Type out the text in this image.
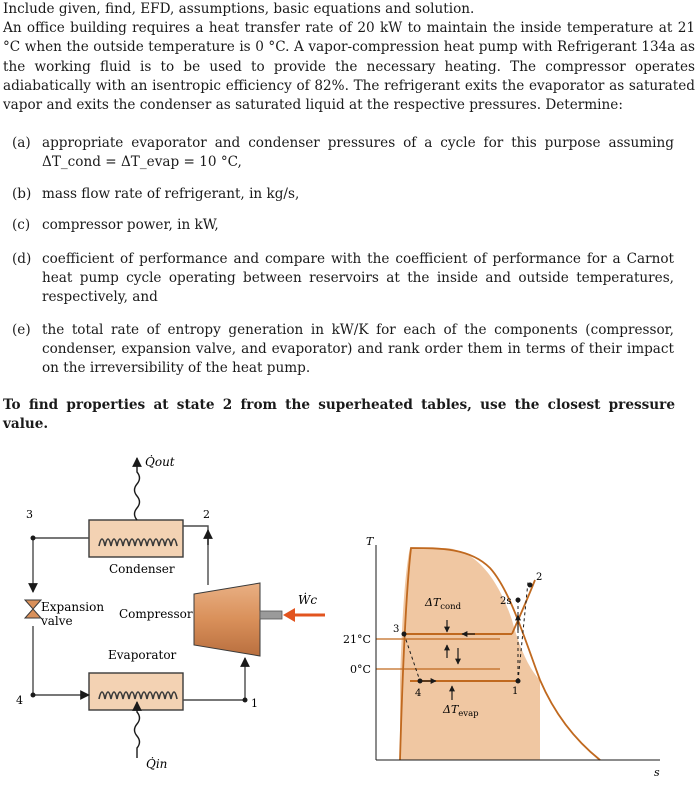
Include given, find, EFD, assumptions, basic equations and solution.

An office building requires a heat transfer rate of 20 kW to maintain the inside temperature at 21 °C when the outside temperature is 0 °C. A vapor-compression heat pump with Refrigerant 134a as the working fluid is to be used to provide the necessary heating. The compressor operates adiabatically with an isentropic efficiency of 82%. The refrigerant exits the evaporator as saturated vapor and exits the condenser as saturated liquid at the respective pressures. Determine:

(a) appropriate evaporator and condenser pressures of a cycle for this purpose assuming ΔT_cond = ΔT_evap = 10 °C,
(b) mass flow rate of refrigerant, in kg/s,
(c) compressor power, in kW,
(d) coefficient of performance and compare with the coefficient of performance for a Carnot heat pump cycle operating between reservoirs at the inside and outside temperatures, respectively, and
(e) the total rate of entropy generation in kW/K for each of the components (compressor, condenser, expansion valve, and evaporator) and rank order them in terms of their impact on the irreversibility of the heat pump.
To find properties at state 2 from the superheated tables, use the closest pressure value.
Expansion
valve
Q̇out
Q̇in
Condenser
Evaporator
Compressor
Ẇc
3	2
4	1
T
s
21°C
0°C
$\Delta T_{cond}$
$\Delta T_{evap}$
1
2
2s
3
4
